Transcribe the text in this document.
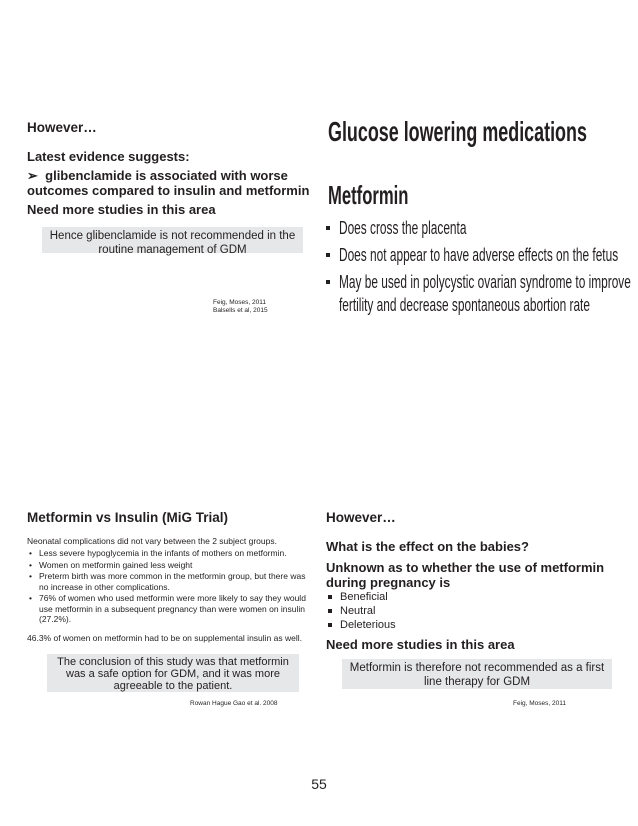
However…
Latest evidence suggests:
➢ glibenclamide is associated with worse outcomes compared to insulin and metformin
Need more studies in this area
Hence glibenclamide is not recommended in the routine management of GDM
Feig, Moses, 2011
Balsells et al, 2015
Glucose lowering medications
Metformin
Does cross the placenta
Does not appear to have adverse effects on the fetus
May be used in polycystic ovarian syndrome to improve
fertility and decrease spontaneous abortion rate
Metformin vs Insulin (MiG Trial)
Neonatal complications did not vary between the 2 subject groups.
• Less severe hypoglycemia in the infants of mothers on metformin.
• Women on metformin gained less weight
• Preterm birth was more common in the metformin group, but there was no increase in other complications.
• 76% of women who used metformin were more likely to say they would use metformin in a subsequent pregnancy than were women on insulin (27.2%).
46.3% of women on metformin had to be on supplemental insulin as well.
The conclusion of this study was that metformin was a safe option for GDM, and it was more agreeable to the patient.
Rowan Hague Gao et al. 2008
However…
What is the effect on the babies?
Unknown as to whether the use of metformin during pregnancy is
Beneficial
Neutral
Deleterious
Need more studies in this area
Metformin is therefore not recommended as a first line therapy for GDM
Feig, Moses, 2011
55
